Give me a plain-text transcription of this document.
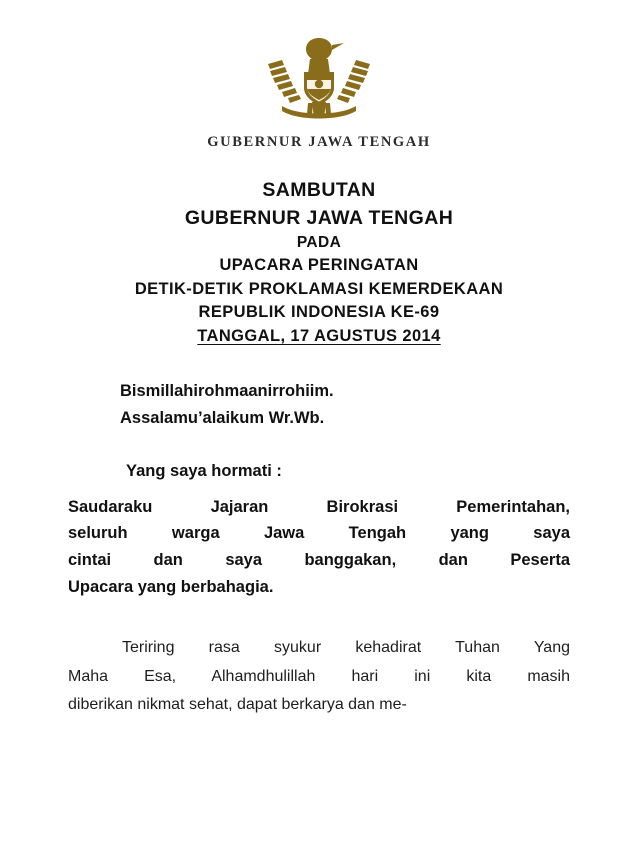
GUBERNUR JAWA TENGAH
SAMBUTAN
GUBERNUR JAWA TENGAH
PADA
UPACARA PERINGATAN
DETIK-DETIK PROKLAMASI KEMERDEKAAN
REPUBLIK INDONESIA KE-69
TANGGAL, 17 AGUSTUS 2014
Bismillahirohmaanirrohiim.
Assalamu’alaikum Wr.Wb.
Yang saya hormati :
Saudaraku Jajaran Birokrasi Pemerintahan,
seluruh warga Jawa Tengah yang saya
cintai dan saya banggakan, dan Peserta
Upacara yang berbahagia.
Teriring rasa syukur kehadirat Tuhan Yang
Maha Esa, Alhamdhulillah hari ini kita masih
diberikan nikmat sehat, dapat berkarya dan me-
